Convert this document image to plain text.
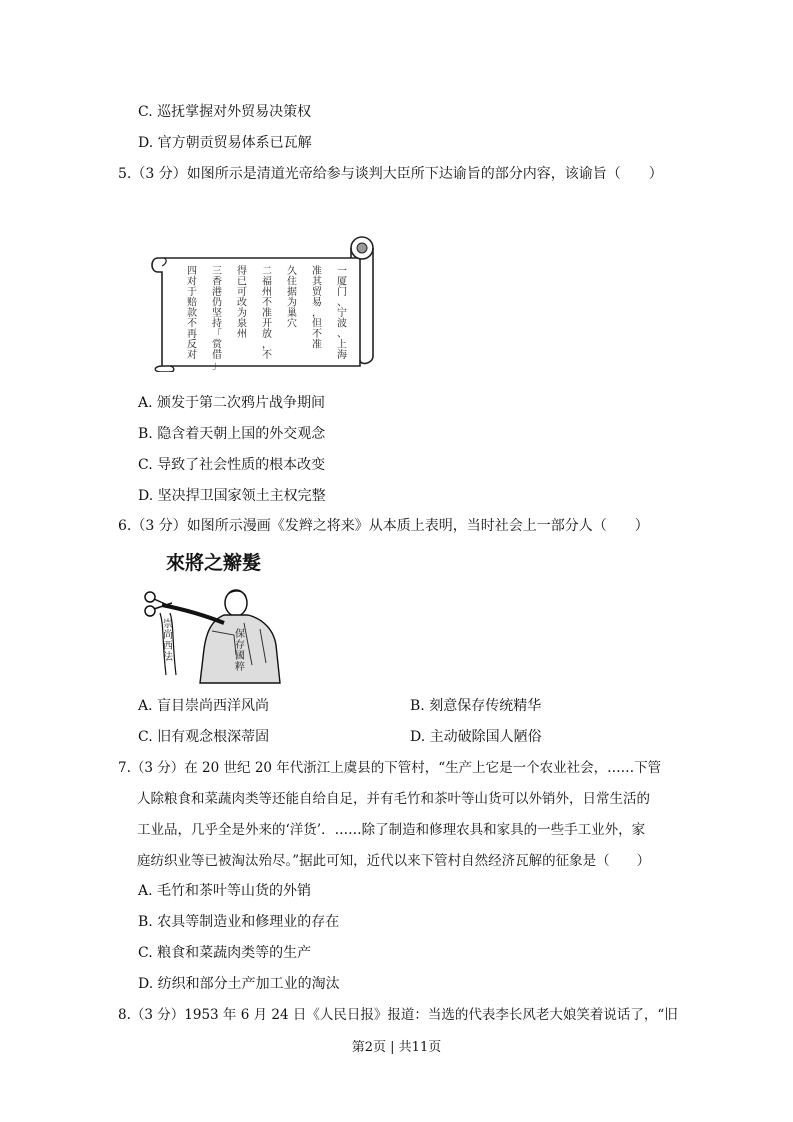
C. 巡抚掌握对外贸易决策权
D. 官方朝贡贸易体系已瓦解
5.（3 分）如图所示是清道光帝给参与谈判大臣所下达谕旨的部分内容，该谕旨（　　）
一厦门、宁波、上海
准其贸易，但不准
久住据为巢穴
二福州不准开放，不
得已可改为泉州
三香港仍坚持「赏借」
四对于赔款不再反对
A. 颁发于第二次鸦片战争期间
B. 隐含着天朝上国的外交观念
C. 导致了社会性质的根本改变
D. 坚决捍卫国家领土主权完整
6.（3 分）如图所示漫画《发辫之将来》从本质上表明，当时社会上一部分人（　　）
來將之辮髮
崇尚西法
保存國粹
A. 盲目崇尚西洋风尚	B. 刻意保存传统精华
C. 旧有观念根深蒂固	D. 主动破除国人陋俗
7.（3 分）在 20 世纪 20 年代浙江上虞县的下管村，“生产上它是一个农业社会，……下管
人除粮食和菜蔬肉类等还能自给自足，并有毛竹和茶叶等山货可以外销外，日常生活的
工业品，几乎全是外来的‘洋货’．……除了制造和修理农具和家具的一些手工业外，家
庭纺织业等已被淘汰殆尽。”据此可知，近代以来下管村自然经济瓦解的征象是（　　）
A. 毛竹和茶叶等山货的外销
B. 农具等制造业和修理业的存在
C. 粮食和菜蔬肉类等的生产
D. 纺织和部分土产加工业的淘汰
8.（3 分）1953 年 6 月 24 日《人民日报》报道：当选的代表李长风老大娘笑着说话了，“旧
第2页 | 共11页
